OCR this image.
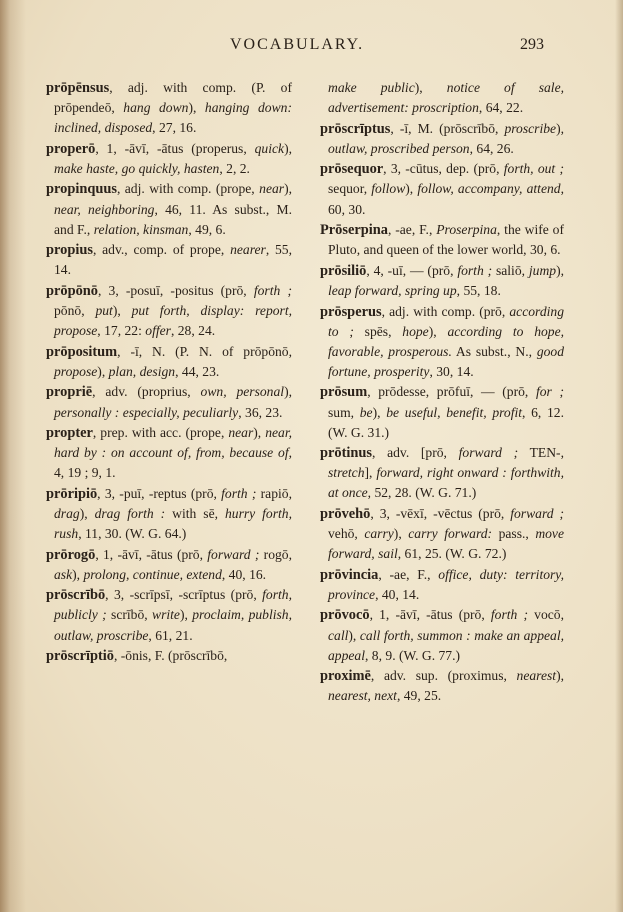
VOCABULARY.	293

prōpēnsus, adj. with comp. (P. of prōpendeō, hang down), hanging down: inclined, disposed, 27, 16.

properō, 1, -āvī, -ātus (properus, quick), make haste, go quickly, hasten, 2, 2.

propinquus, adj. with comp. (prope, near), near, neighboring, 46, 11. As subst., M. and F., relation, kinsman, 49, 6.

propius, adv., comp. of prope, nearer, 55, 14.

prōpōnō, 3, -posuī, -positus (prō, forth ; pōnō, put), put forth, display: report, propose, 17, 22: offer, 28, 24.

prōpositum, -ī, N. (P. N. of prōpōnō, propose), plan, design, 44, 23.

propriē, adv. (proprius, own, personal), personally : especially, peculiarly, 36, 23.

propter, prep. with acc. (prope, near), near, hard by : on account of, from, because of, 4, 19 ; 9, 1.

prōripiō, 3, -puī, -reptus (prō, forth ; rapiō, drag), drag forth : with sē, hurry forth, rush, 11, 30. (W. G. 64.)

prōrogō, 1, -āvī, -ātus (prō, forward ; rogō, ask), prolong, continue, extend, 40, 16.

prōscrībō, 3, -scrīpsī, -scrīptus (prō, forth, publicly ; scrībō, write), proclaim, publish, outlaw, proscribe, 61, 21.

prōscrīptiō, -ōnis, F. (prōscrībō,

make public), notice of sale, advertisement: proscription, 64, 22.

prōscrīptus, -ī, M. (prōscrībō, proscribe), outlaw, proscribed person, 64, 26.

prōsequor, 3, -cūtus, dep. (prō, forth, out ; sequor, follow), follow, accompany, attend, 60, 30.

Prōserpina, -ae, F., Proserpina, the wife of Pluto, and queen of the lower world, 30, 6.

prōsiliō, 4, -uī, — (prō, forth ; saliō, jump), leap forward, spring up, 55, 18.

prōsperus, adj. with comp. (prō, according to ; spēs, hope), according to hope, favorable, prosperous. As subst., N., good fortune, prosperity, 30, 14.

prōsum, prōdesse, prōfuī, — (prō, for ; sum, be), be useful, benefit, profit, 6, 12. (W. G. 31.)

prōtinus, adv. [prō, forward ; TEN-, stretch], forward, right onward : forthwith, at once, 52, 28. (W. G. 71.)

prōvehō, 3, -vēxī, -vēctus (prō, forward ; vehō, carry), carry forward: pass., move forward, sail, 61, 25. (W. G. 72.)

prōvincia, -ae, F., office, duty: territory, province, 40, 14.

prōvocō, 1, -āvī, -ātus (prō, forth ; vocō, call), call forth, summon : make an appeal, appeal, 8, 9. (W. G. 77.)

proximē, adv. sup. (proximus, nearest), nearest, next, 49, 25.
